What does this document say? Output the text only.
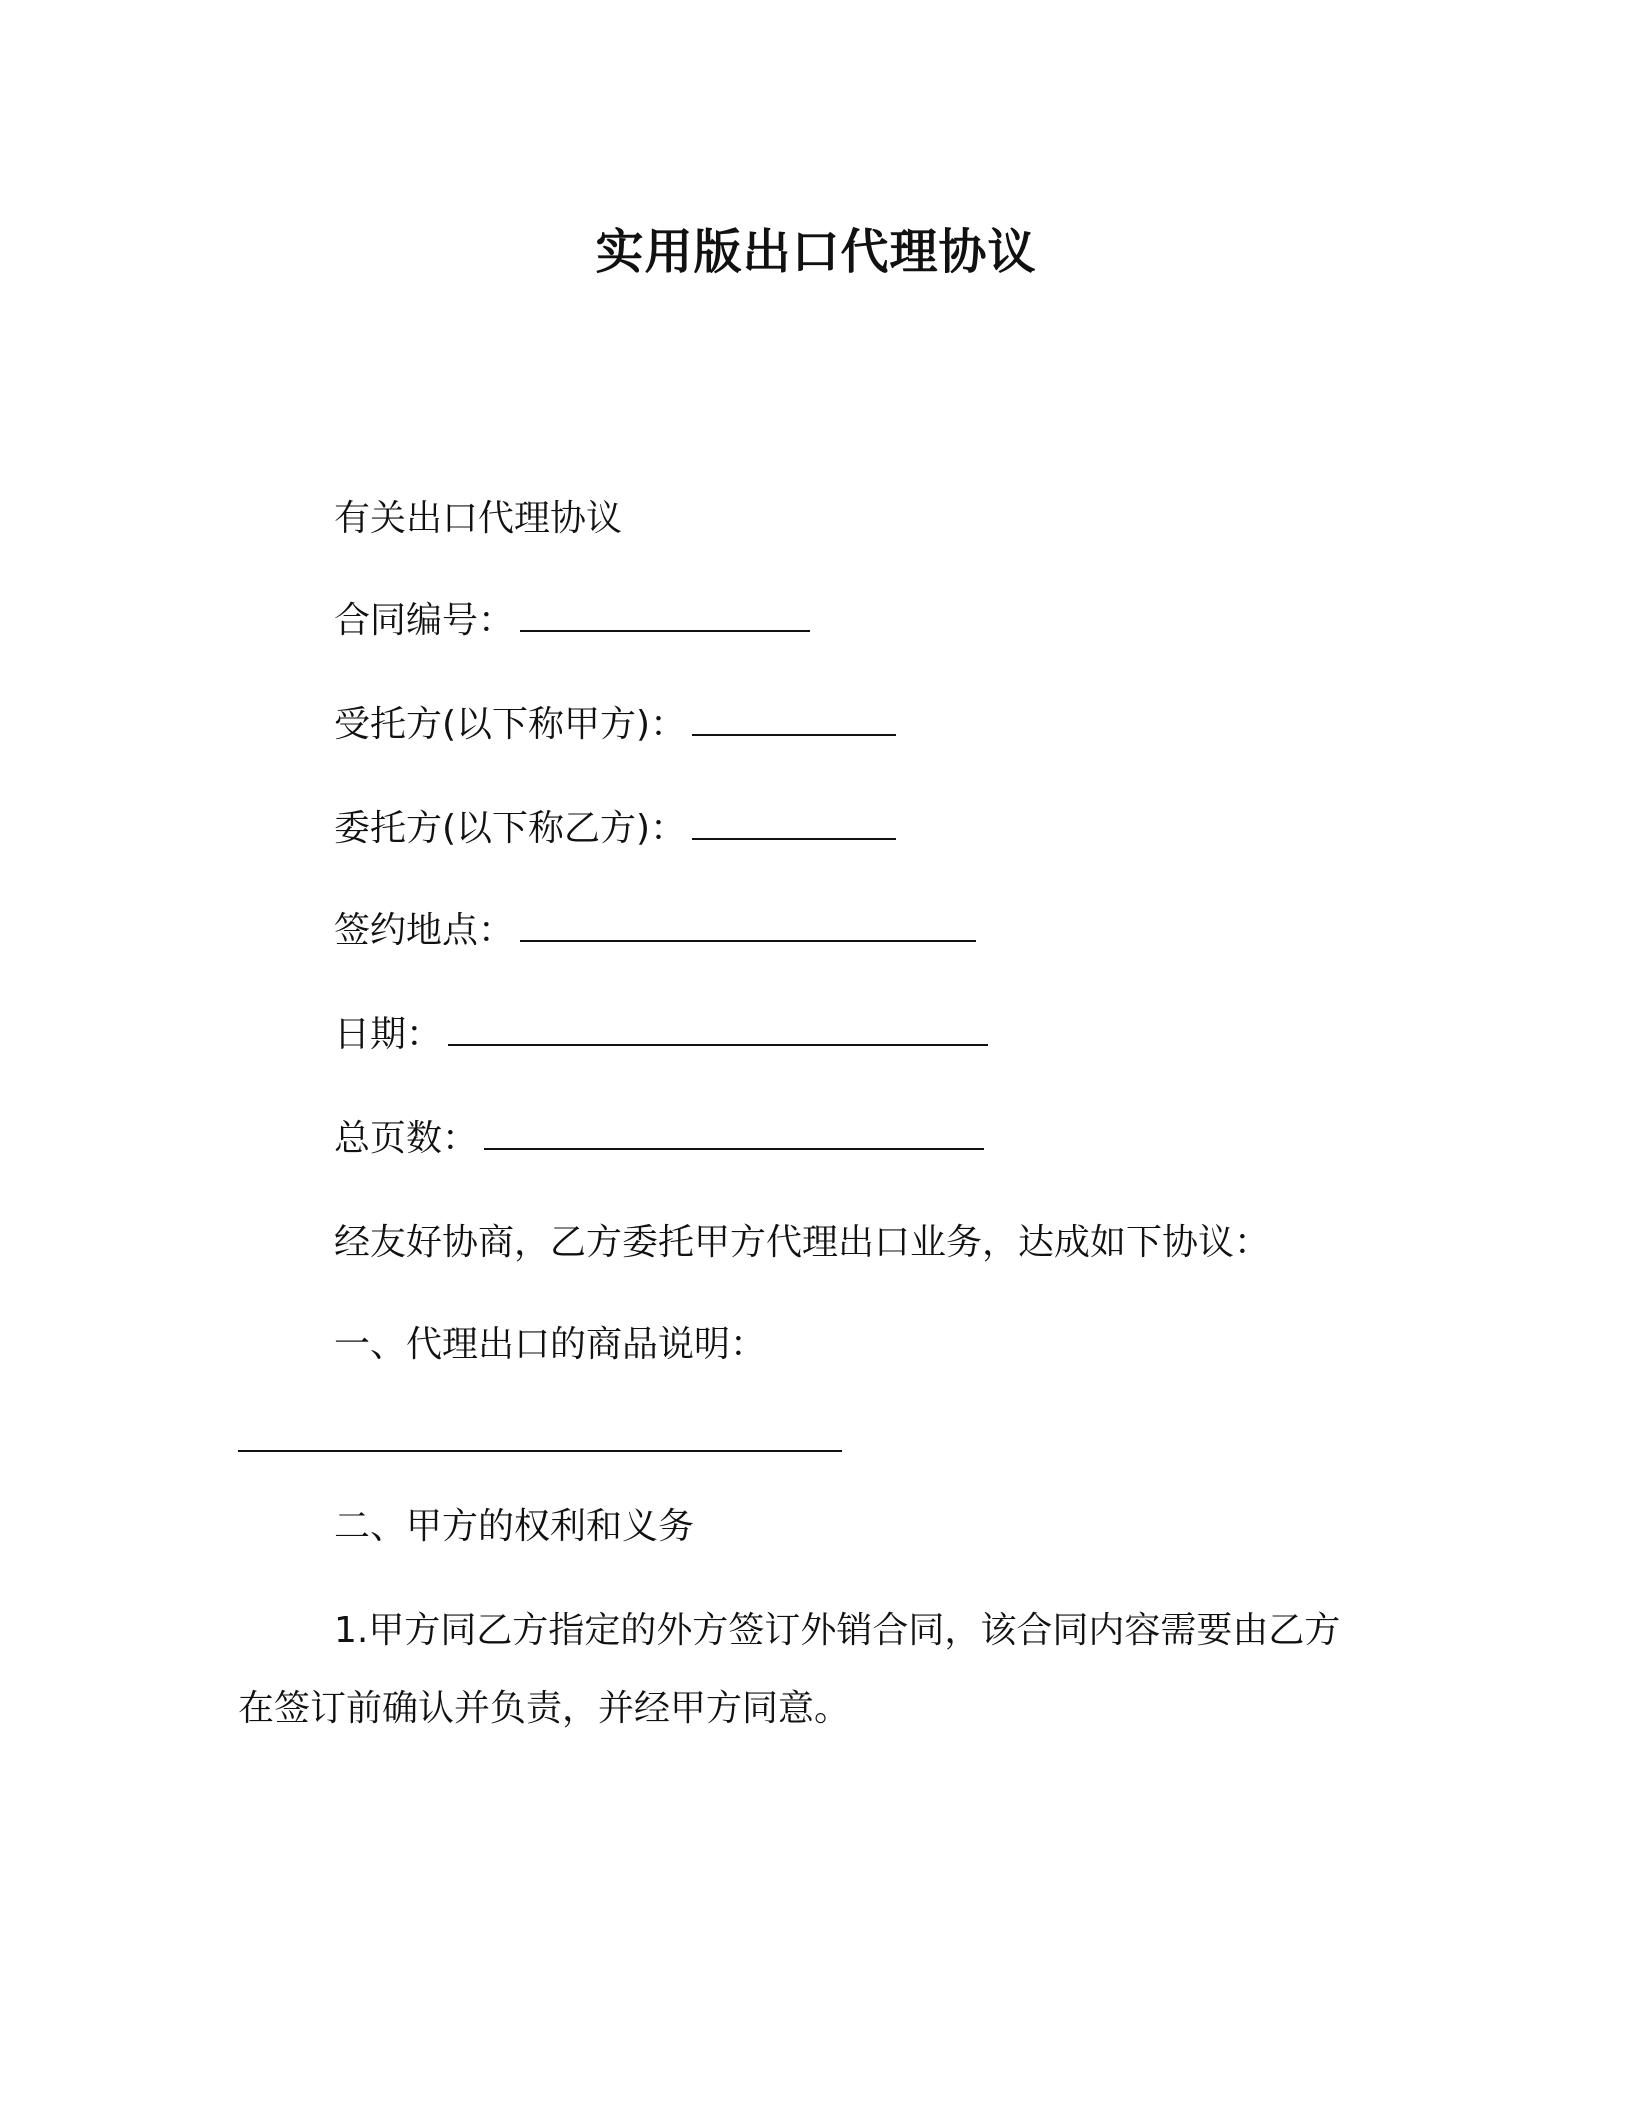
实用版出口代理协议
有关出口代理协议
合同编号：
受托方(以下称甲方)：
委托方(以下称乙方)：
签约地点：
日期：
总页数：
经友好协商，乙方委托甲方代理出口业务，达成如下协议：
一、代理出口的商品说明：
二、甲方的权利和义务
1.甲方同乙方指定的外方签订外销合同，该合同内容需要由乙方
在签订前确认并负责，并经甲方同意。
